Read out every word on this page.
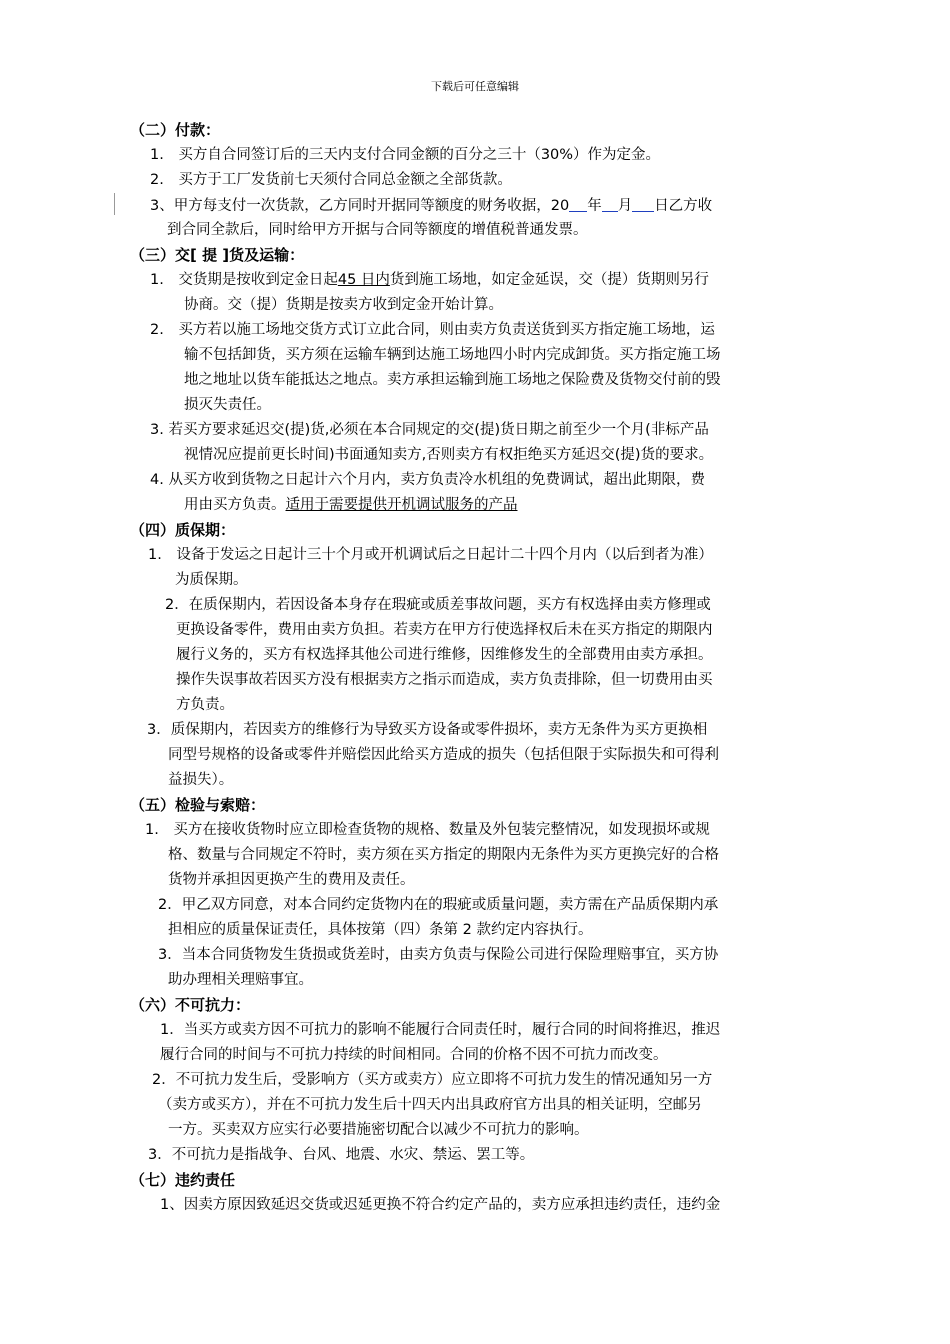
下载后可任意编辑
（二）付款：
1.　买方自合同签订后的三天内支付合同金额的百分之三十（30%）作为定金。
2.　买方于工厂发货前七天须付合同总金额之全部货款。
3、甲方每支付一次货款，乙方同时开据同等额度的财务收据，20 年 月 日乙方收
到合同全款后，同时给甲方开据与合同等额度的增值税普通发票。
（三）交[ 提 ]货及运输：
1.　交货期是按收到定金日起45 日内货到施工场地，如定金延误，交（提）货期则另行
协商。交（提）货期是按卖方收到定金开始计算。
2.　买方若以施工场地交货方式订立此合同，则由卖方负责送货到买方指定施工场地，运
输不包括卸货，买方须在运输车辆到达施工场地四小时内完成卸货。买方指定施工场
地之地址以货车能抵达之地点。卖方承担运输到施工场地之保险费及货物交付前的毁
损灭失责任。
3. 若买方要求延迟交(提)货,必须在本合同规定的交(提)货日期之前至少一个月(非标产品
视情况应提前更长时间)书面通知卖方,否则卖方有权拒绝买方延迟交(提)货的要求。
4. 从买方收到货物之日起计六个月内，卖方负责冷水机组的免费调试，超出此期限，费
用由买方负责。适用于需要提供开机调试服务的产品
（四）质保期：
1.　设备于发运之日起计三十个月或开机调试后之日起计二十四个月内（以后到者为准）
为质保期。
2．在质保期内，若因设备本身存在瑕疵或质差事故问题，买方有权选择由卖方修理或
更换设备零件，费用由卖方负担。若卖方在甲方行使选择权后未在买方指定的期限内
履行义务的，买方有权选择其他公司进行维修，因维修发生的全部费用由卖方承担。
操作失误事故若因买方没有根据卖方之指示而造成，卖方负责排除，但一切费用由买
方负责。
3．质保期内，若因卖方的维修行为导致买方设备或零件损坏，卖方无条件为买方更换相
同型号规格的设备或零件并赔偿因此给买方造成的损失（包括但限于实际损失和可得利
益损失）。
（五）检验与索赔：
1.　买方在接收货物时应立即检查货物的规格、数量及外包装完整情况，如发现损坏或规
格、数量与合同规定不符时，卖方须在买方指定的期限内无条件为买方更换完好的合格
货物并承担因更换产生的费用及责任。
2．甲乙双方同意，对本合同约定货物内在的瑕疵或质量问题，卖方需在产品质保期内承
担相应的质量保证责任，具体按第（四）条第 2 款约定内容执行。
3．当本合同货物发生货损或货差时，由卖方负责与保险公司进行保险理赔事宜，买方协
助办理相关理赔事宜。
（六）不可抗力：
1．当买方或卖方因不可抗力的影响不能履行合同责任时，履行合同的时间将推迟，推迟
履行合同的时间与不可抗力持续的时间相同。合同的价格不因不可抗力而改变。
2．不可抗力发生后，受影响方（买方或卖方）应立即将不可抗力发生的情况通知另一方
（卖方或买方），并在不可抗力发生后十四天内出具政府官方出具的相关证明，空邮另
一方。买卖双方应实行必要措施密切配合以减少不可抗力的影响。
3．不可抗力是指战争、台风、地震、水灾、禁运、罢工等。
（七）违约责任
1、因卖方原因致延迟交货或迟延更换不符合约定产品的，卖方应承担违约责任，违约金
